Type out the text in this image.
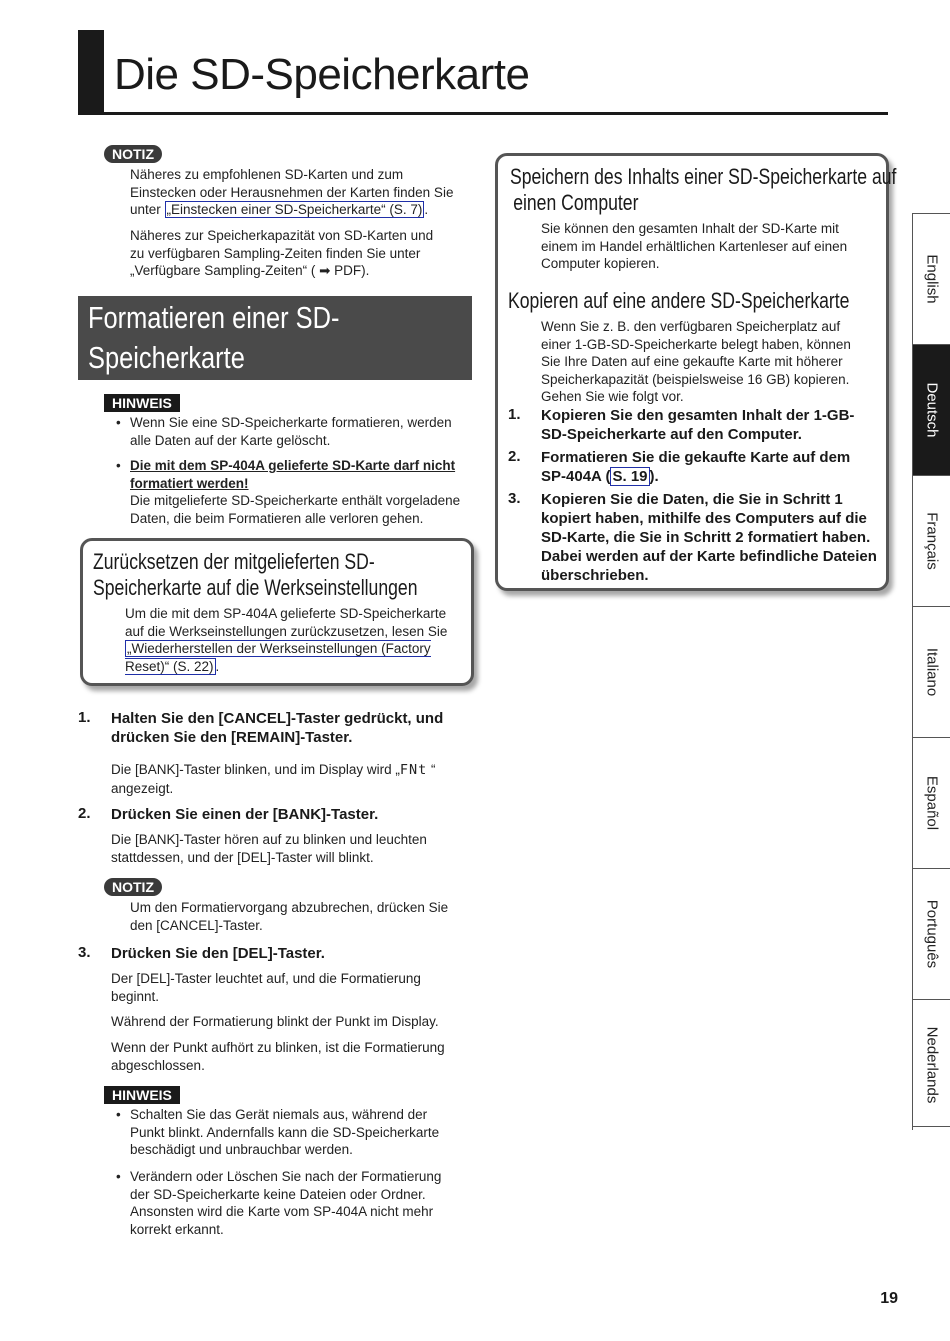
Die SD-Speicherkarte
NOTIZ
Näheres zu empfohlenen SD-Karten und zum
Einstecken oder Herausnehmen der Karten finden Sie
unter „Einstecken einer SD-Speicherkarte“ (S. 7) .
Näheres zur Speicherkapazität von SD-Karten und
zu verfügbaren Sampling-Zeiten finden Sie unter
„Verfügbare Sampling-Zeiten“ ( ➡ PDF).
Formatieren einer SD-
Speicherkarte
HINWEIS
• Wenn Sie eine SD-Speicherkarte formatieren, werden alle Daten auf der Karte gelöscht.
• Die mit dem SP-404A gelieferte SD-Karte darf nicht formatiert werden!
Die mitgelieferte SD-Speicherkarte enthält vorgeladene Daten, die beim Formatieren alle verloren gehen.
Zurücksetzen der mitgelieferten SD-
Speicherkarte auf die Werkseinstellungen
Um die mit dem SP-404A gelieferte SD-Speicherkarte auf die Werkseinstellungen zurückzusetzen, lesen Sie „Wiederherstellen der Werkseinstellungen (Factory Reset)“ (S. 22) .
1. Halten Sie den [CANCEL]-Taster gedrückt, und drücken Sie den [REMAIN]-Taster.
Die [BANK]-Taster blinken, und im Display wird „FNt “ angezeigt.
2. Drücken Sie einen der [BANK]-Taster.
Die [BANK]-Taster hören auf zu blinken und leuchten stattdessen, und der [DEL]-Taster will blinkt.
NOTIZ
Um den Formatiervorgang abzubrechen, drücken Sie den [CANCEL]-Taster.
3. Drücken Sie den [DEL]-Taster.
Der [DEL]-Taster leuchtet auf, und die Formatierung beginnt.
Während der Formatierung blinkt der Punkt im Display.
Wenn der Punkt aufhört zu blinken, ist die Formatierung abgeschlossen.
HINWEIS
• Schalten Sie das Gerät niemals aus, während der Punkt blinkt. Andernfalls kann die SD-Speicherkarte beschädigt und unbrauchbar werden.
• Verändern oder Löschen Sie nach der Formatierung der SD-Speicherkarte keine Dateien oder Ordner. Ansonsten wird die Karte vom SP-404A nicht mehr korrekt erkannt.
Speichern des Inhalts einer SD-Speicherkarte auf
einen Computer
Sie können den gesamten Inhalt der SD-Karte mit einem im Handel erhältlichen Kartenleser auf einen Computer kopieren.
Kopieren auf eine andere SD-Speicherkarte
Wenn Sie z. B. den verfügbaren Speicherplatz auf einer 1-GB-SD-Speicherkarte belegt haben, können Sie Ihre Daten auf eine gekaufte Karte mit höherer Speicherkapazität (beispielsweise 16 GB) kopieren. Gehen Sie wie folgt vor.
1. Kopieren Sie den gesamten Inhalt der 1-GB-SD-Speicherkarte auf den Computer.
2. Formatieren Sie die gekaufte Karte auf dem SP-404A ( S. 19 ).
3. Kopieren Sie die Daten, die Sie in Schritt 1 kopiert haben, mithilfe des Computers auf die SD-Karte, die Sie in Schritt 2 formatiert haben. Dabei werden auf der Karte befindliche Dateien überschrieben.
English
Deutsch
Français
Italiano
Español
Português
Nederlands
19
